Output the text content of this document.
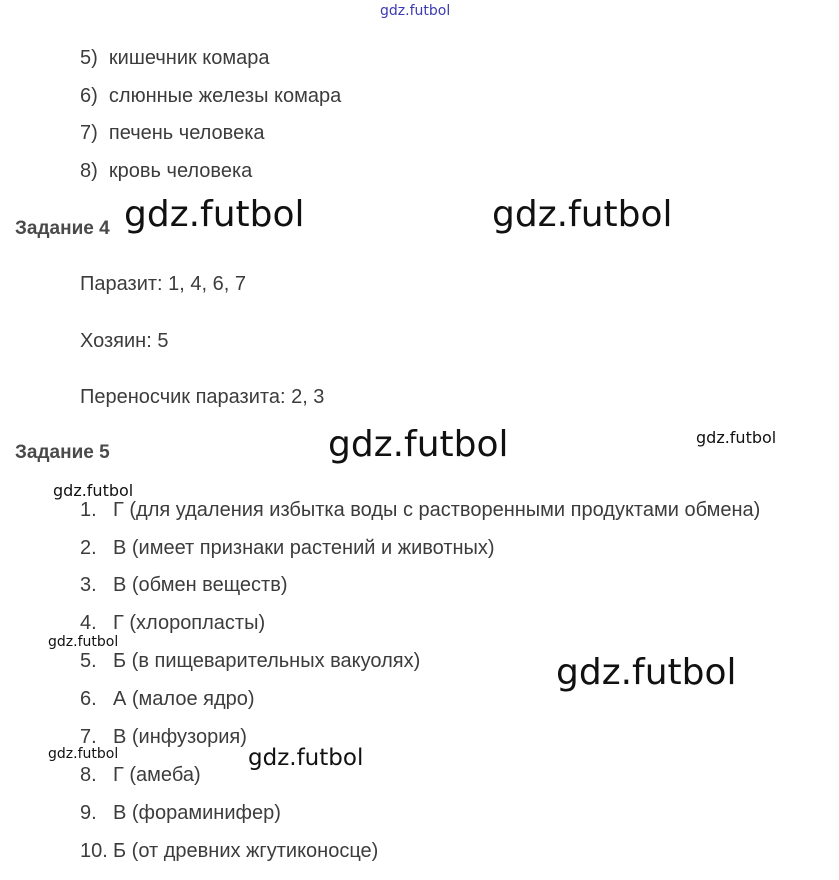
gdz.futbol
5) кишечник комара
6) слюнные железы комара
7) печень человека
8) кровь человека
Задание 4 gdz.futbol	gdz.futbol
Паразит: 1, 4, 6, 7
Хозяин: 5
Переносчик паразита: 2, 3
Задание 5	gdz.futbol	gdz.futbol
gdz.futbol
1. Г (для удаления избытка воды с растворенными продуктами обмена)
2. В (имеет признаки растений и животных)
3. В (обмен веществ)
4. Г (хлоропласты)
gdz.futbol
5. Б (в пищеварительных вакуолях)	gdz.futbol
6. А (малое ядро)
7. В (инфузория)
gdz.futbol	gdz.futbol
8. Г (амеба)
9. В (фораминифер)
10. Б (от древних жгутиконосце)
